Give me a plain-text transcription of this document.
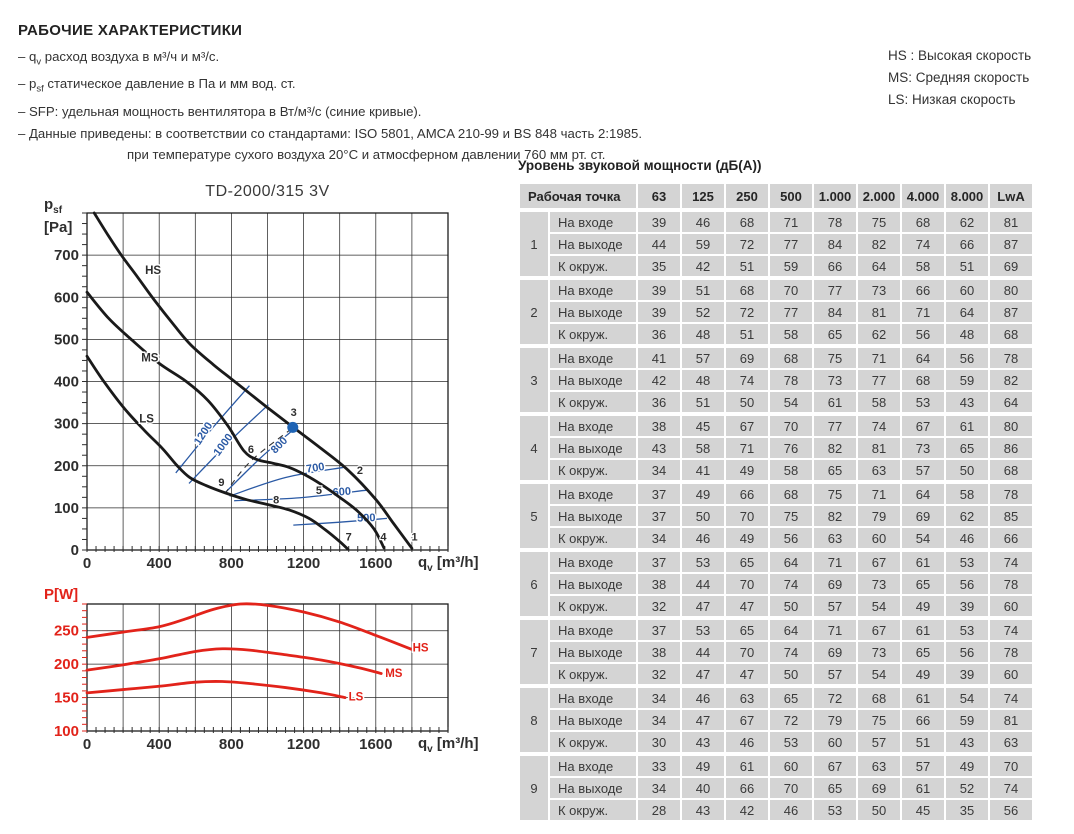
РАБОЧИЕ ХАРАКТЕРИСТИКИ
– $q_v$ расход воздуха в м³/ч и м³/с.
– $p_{sf}$ статическое давление в Па и мм вод. ст.
– SFP: удельная мощность вентилятора в Вт/м³/с (синие кривые).
– Данные приведены: в соответствии со стандартами: ISO 5801, AMCA 210-99 и BS 848 часть 2:1985.
при температуре сухого воздуха 20°C и атмосферном давлении 760 мм рт. ст.
HS : Высокая скорость
MS: Средняя скорость
LS: Низкая скорость
0	400	800	1200	1600
0
100
200
300
400
500
600
700
1200
1000	800
700
600
500
HS
MS
LS
1
2
3
4
5
6
7
8
9
TD-2000/315 3V
$p_{sf}$
[Pa]
$q_v$ [m³/h]
0	400	800	1200	1600
100
150
200
250
HS
MS
LS
P[W]
$q_v$ [m³/h]
Уровень звуковой мощности (дБ(А))
Рабочая точка		63	125	250	500	1.000	2.000	4.000	8.000	LwA
1	На входе	39	46	68	71	78	75	68	62	81
	На выходе	44	59	72	77	84	82	74	66	87
	К окруж.	35	42	51	59	66	64	58	51	69
2	На входе	39	51	68	70	77	73	66	60	80
	На выходе	39	52	72	77	84	81	71	64	87
	К окруж.	36	48	51	58	65	62	56	48	68
3	На входе	41	57	69	68	75	71	64	56	78
	На выходе	42	48	74	78	73	77	68	59	82
	К окруж.	36	51	50	54	61	58	53	43	64
4	На входе	38	45	67	70	77	74	67	61	80
	На выходе	43	58	71	76	82	81	73	65	86
	К окруж.	34	41	49	58	65	63	57	50	68
5	На входе	37	49	66	68	75	71	64	58	78
	На выходе	37	50	70	75	82	79	69	62	85
	К окруж.	34	46	49	56	63	60	54	46	66
6	На входе	37	53	65	64	71	67	61	53	74
	На выходе	38	44	70	74	69	73	65	56	78
	К окруж.	32	47	47	50	57	54	49	39	60
7	На входе	37	53	65	64	71	67	61	53	74
	На выходе	38	44	70	74	69	73	65	56	78
	К окруж.	32	47	47	50	57	54	49	39	60
8	На входе	34	46	63	65	72	68	61	54	74
	На выходе	34	47	67	72	79	75	66	59	81
	К окруж.	30	43	46	53	60	57	51	43	63
9	На входе	33	49	61	60	67	63	57	49	70
	На выходе	34	40	66	70	65	69	61	52	74
	К окруж.	28	43	42	46	53	50	45	35	56
